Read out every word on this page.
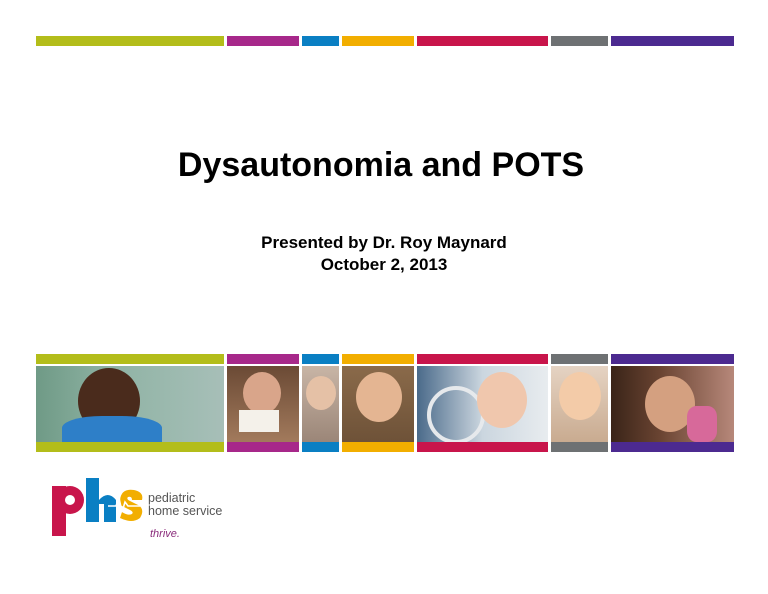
Dysautonomia and POTS
Presented by Dr. Roy Maynard
October 2, 2013
pediatric
home service
thrive.
